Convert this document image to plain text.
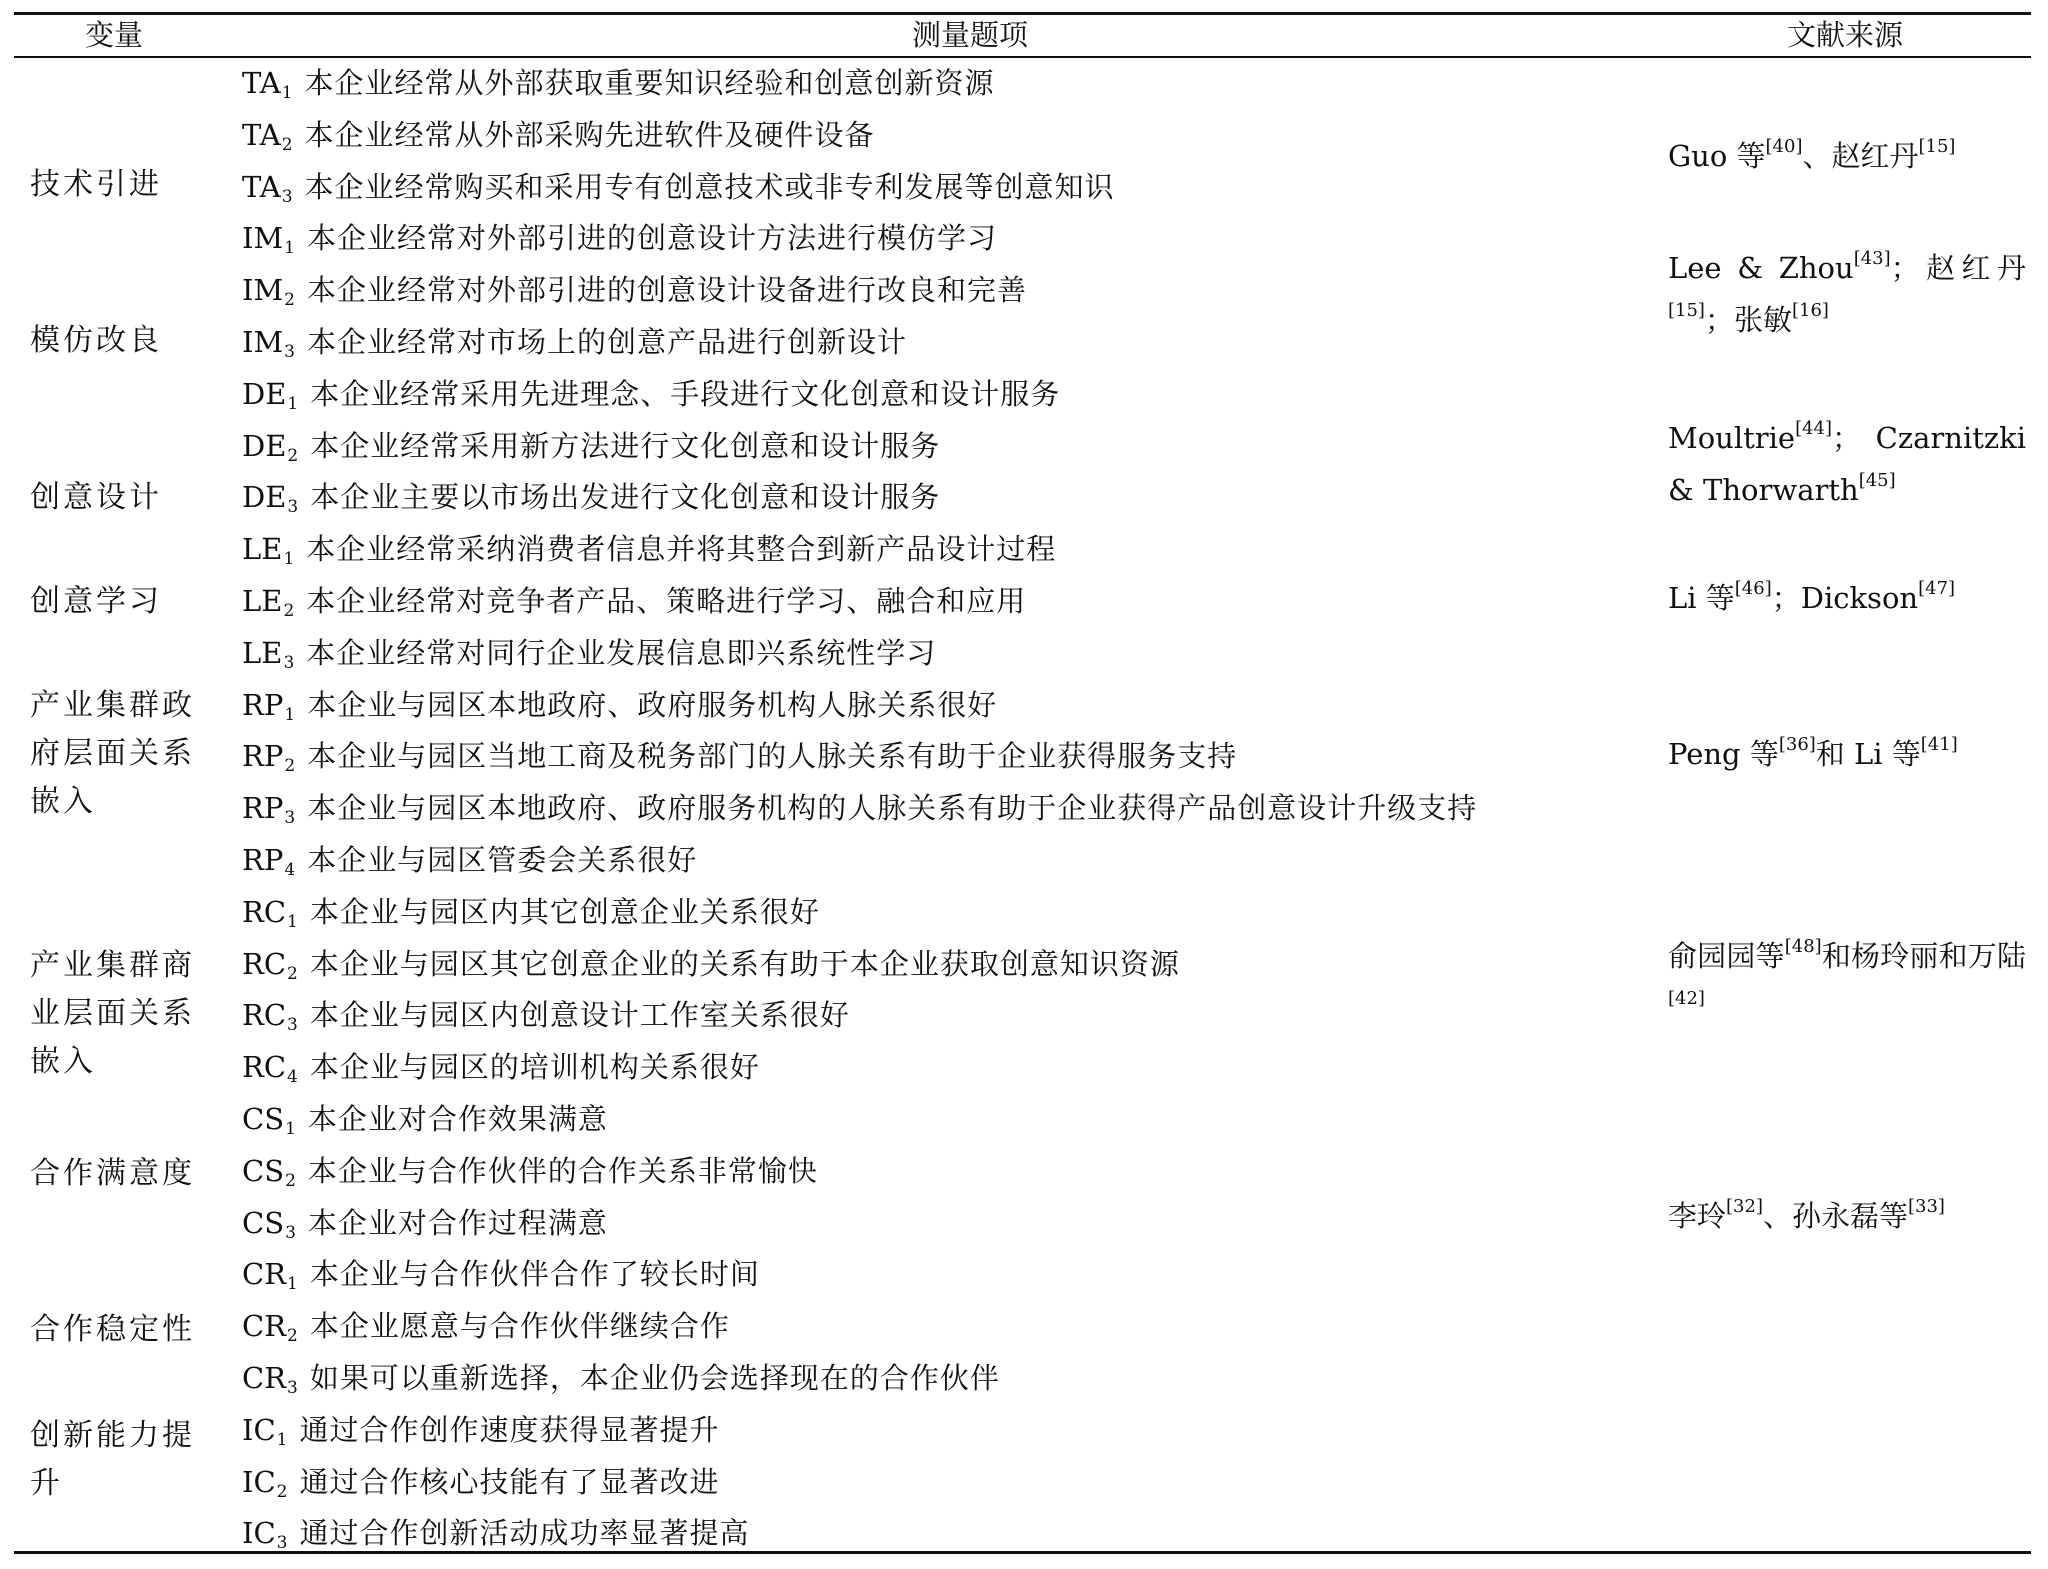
变量	测量题项	文献来源
$TA_1$ 本企业经常从外部获取重要知识经验和创意创新资源
$TA_2$ 本企业经常从外部采购先进软件及硬件设备
$TA_3$ 本企业经常购买和采用专有创意技术或非专利发展等创意知识
$IM_1$ 本企业经常对外部引进的创意设计方法进行模仿学习
$IM_2$ 本企业经常对外部引进的创意设计设备进行改良和完善
$IM_3$ 本企业经常对市场上的创意产品进行创新设计
$DE_1$ 本企业经常采用先进理念、手段进行文化创意和设计服务
$DE_2$ 本企业经常采用新方法进行文化创意和设计服务
$DE_3$ 本企业主要以市场出发进行文化创意和设计服务
$LE_1$ 本企业经常采纳消费者信息并将其整合到新产品设计过程
$LE_2$ 本企业经常对竞争者产品、策略进行学习、融合和应用
$LE_3$ 本企业经常对同行企业发展信息即兴系统性学习
$RP_1$ 本企业与园区本地政府、政府服务机构人脉关系很好
$RP_2$ 本企业与园区当地工商及税务部门的人脉关系有助于企业获得服务支持
$RP_3$ 本企业与园区本地政府、政府服务机构的人脉关系有助于企业获得产品创意设计升级支持
$RP_4$ 本企业与园区管委会关系很好
$RC_1$ 本企业与园区内其它创意企业关系很好
$RC_2$ 本企业与园区其它创意企业的关系有助于本企业获取创意知识资源
$RC_3$ 本企业与园区内创意设计工作室关系很好
$RC_4$ 本企业与园区的培训机构关系很好
$CS_1$ 本企业对合作效果满意
$CS_2$ 本企业与合作伙伴的合作关系非常愉快
$CS_3$ 本企业对合作过程满意
$CR_1$ 本企业与合作伙伴合作了较长时间
$CR_2$ 本企业愿意与合作伙伴继续合作
$CR_3$ 如果可以重新选择，本企业仍会选择现在的合作伙伴
$IC_1$ 通过合作创作速度获得显著提升
$IC_2$ 通过合作核心技能有了显著改进
$IC_3$ 通过合作创新活动成功率显著提高
技术引进
模仿改良
创意设计
创意学习
产业集群政府层面关系嵌入
产业集群商业层面关系嵌入
合作满意度
合作稳定性
创新能力提升
Guo 等[40]、赵红丹[15]
Lee & Zhou[43]；赵红丹[15]；张敏[16]
Moultrie[44]； Czarnitzki & Thorwarth[45]
Li 等[46]；Dickson[47]
Peng 等[36]和 Li 等[41]
俞园园等[48]和杨玲丽和万陆[42]
李玲[32]、孙永磊等[33]
